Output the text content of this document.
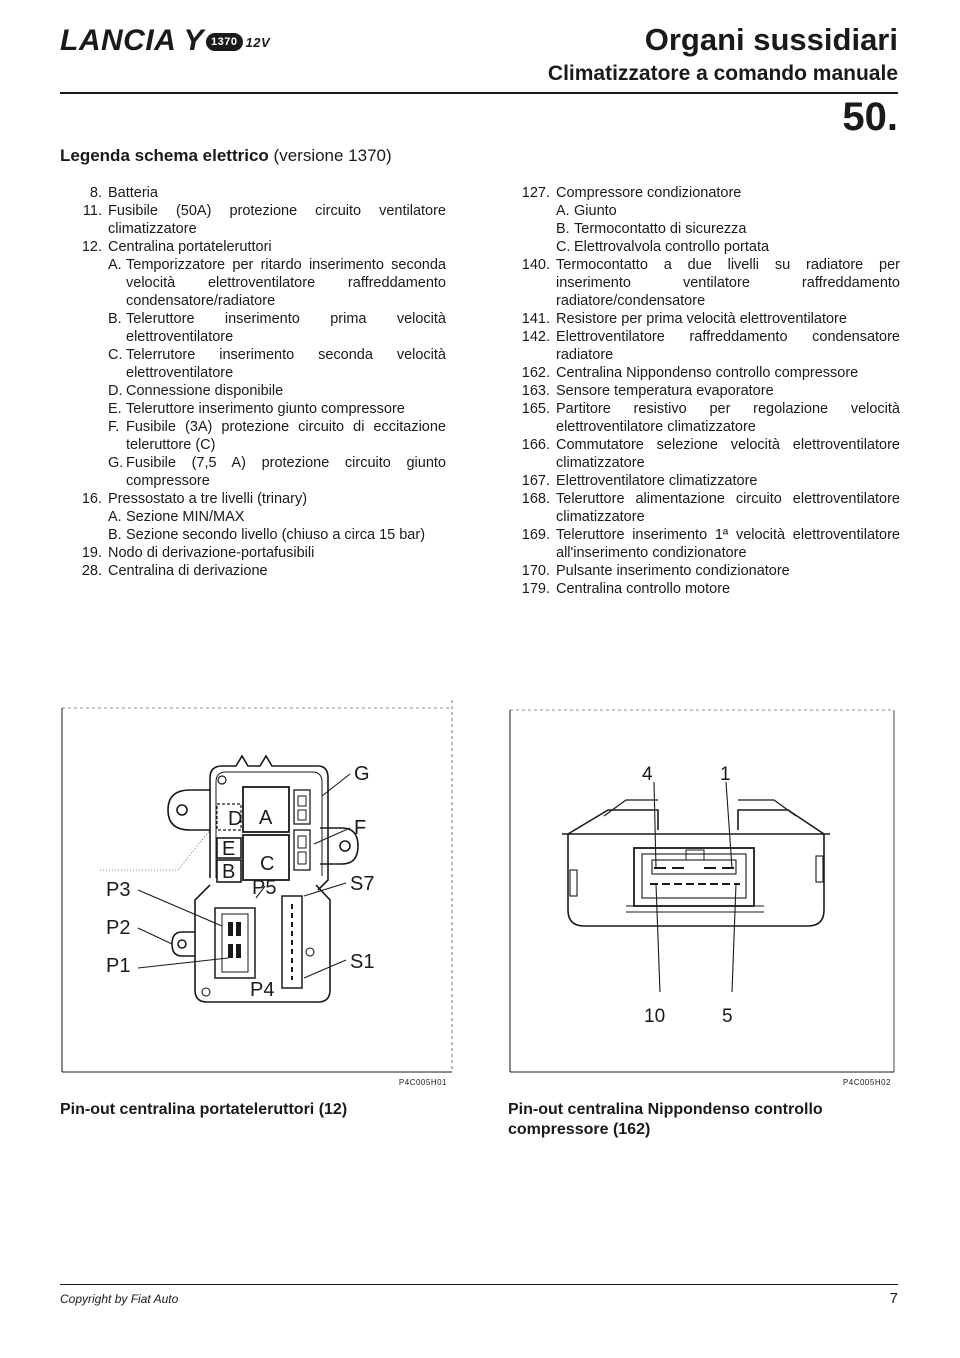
LANCIA Y 1370 12V	Organi sussidiari
Climatizzatore a comando manuale
50.
Legenda schema elettrico (versione 1370)
8. Batteria
11. Fusibile (50A) protezione circuito ventilatore climatizzatore
12. Centralina portateleruttori
A. Temporizzatore per ritardo inserimento seconda velocità elettroventilatore raffreddamento condensatore/radiatore
B. Teleruttore inserimento prima velocità elettroventilatore
C. Telerrutore inserimento seconda velocità elettroventilatore
D. Connessione disponibile
E. Teleruttore inserimento giunto compressore
F. Fusibile (3A) protezione circuito di eccitazione teleruttore (C)
G. Fusibile (7,5 A) protezione circuito giunto compressore
16. Pressostato a tre livelli (trinary)
A. Sezione MIN/MAX
B. Sezione secondo livello (chiuso a circa 15 bar)
19. Nodo di derivazione-portafusibili
28. Centralina di derivazione
127. Compressore condizionatore
A. Giunto
B. Termocontatto di sicurezza
C. Elettrovalvola controllo portata
140. Termocontatto a due livelli su radiatore per inserimento ventilatore raffreddamento radiatore/condensatore
141. Resistore per prima velocità elettroventilatore
142. Elettroventilatore raffreddamento condensatore radiatore
162. Centralina Nippondenso controllo compressore
163. Sensore temperatura evaporatore
165. Partitore resistivo per regolazione velocità elettroventilatore climatizzatore
166. Commutatore selezione velocità elettroventilatore climatizzatore
167. Elettroventilatore climatizzatore
168. Teleruttore alimentazione circuito elettroventilatore climatizzatore
169. Teleruttore inserimento 1ª velocità elettroventilatore all'inserimento condizionatore
170. Pulsante inserimento condizionatore
179. Centralina controllo motore
D A
E
C
B
G
F
P3
P2
P1
P5
P4
S7
S1
P4C005H01
Pin-out centralina portateleruttori (12)
4	1
10	5
P4C005H02
Pin-out centralina Nippondenso controllo compressore (162)
Copyright by Fiat Auto	7
